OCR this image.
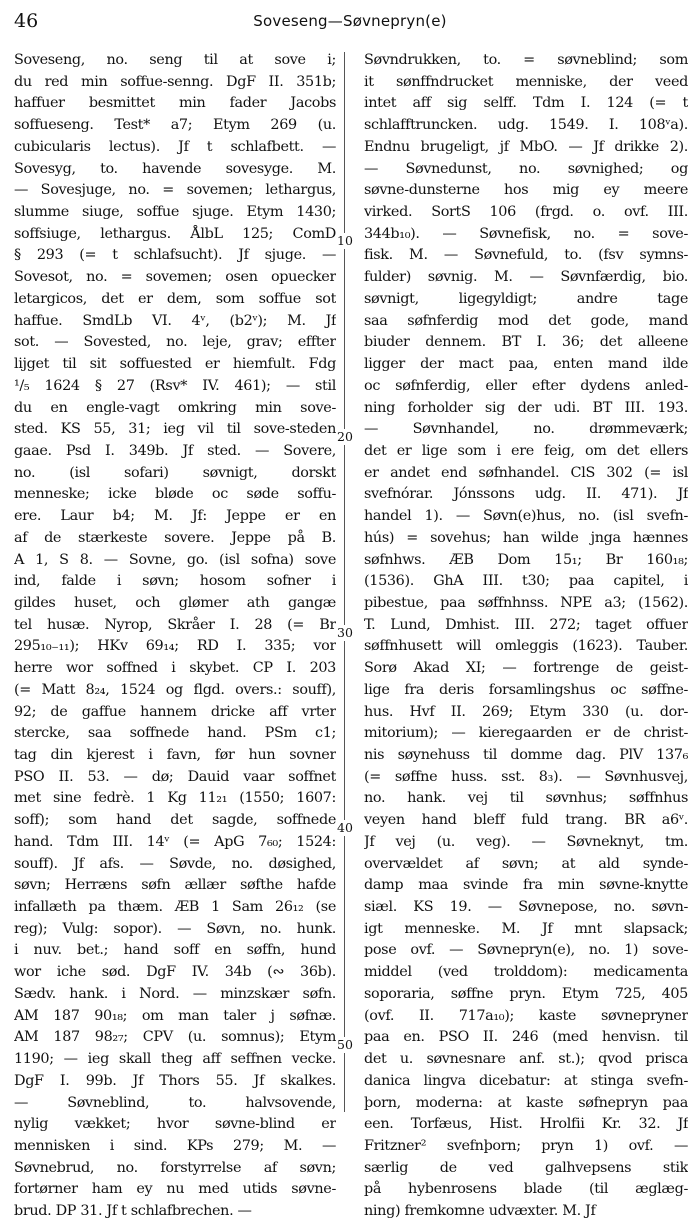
46	Soveseng—Søvnepryn(e)
Soveseng, no. seng til at sove i;
du red min soffue-senng. DgF II. 351b;
haffuer besmittet min fader Jacobs
soffueseng. Test* a7; Etym 269 (u.
cubicularis lectus). Jf t schlafbett. —
Sovesyg, to. havende sovesyge. M.
— Sovesjuge, no. = sovemen; lethargus,
slumme siuge, soffue sjuge. Etym 1430;
soffsiuge, lethargus. ÅlbL 125; ComD
§ 293 (= t schlafsucht). Jf sjuge. —
Sovesot, no. = sovemen; osen opuecker
letargicos, det er dem, som soffue sot
haffue. SmdLb VI. 4ᵛ, (b2ᵛ); M. Jf
sot. — Sovested, no. leje, grav; effter
lijget til sit soffuested er hiemfult. Fdg
¹/₅ 1624 § 27 (Rsv* IV. 461); — stil
du en engle-vagt omkring min sove-
sted. KS 55, 31; ieg vil til sove-steden
gaae. Psd I. 349b. Jf sted. — Sovere,
no. (isl sofari) søvnigt, dorskt
menneske; icke bløde oc søde soffu-
ere. Laur b4; M. Jf: Jeppe er en
af de stærkeste sovere. Jeppe på B.
A 1, S 8. — Sovne, go. (isl sofna) sove
ind, falde i søvn; hosom sofner i
gildes huset, och glømer ath gangæ
tel husæ. Nyrop, Skråer I. 28 (= Br
295₁₀₋₁₁); HKv 69₁₄; RD I. 335; vor
herre wor soffned i skybet. CP I. 203
(= Matt 8₂₄, 1524 og flgd. overs.: souff),
92; de gaffue hannem dricke aff vrter
stercke, saa soffnede hand. PSm c1;
tag din kjerest i favn, før hun sovner
PSO II. 53. — dø; Dauid vaar soffnet
met sine fedrè. 1 Kg 11₂₁ (1550; 1607:
soff); som hand det sagde, soffnede
hand. Tdm III. 14ᵛ (= ApG 7₆₀; 1524:
souff). Jf afs. — Søvde, no. døsighed,
søvn; Herræns søfn ællær søfthe hafde
infallæth pa thæm. ÆB 1 Sam 26₁₂ (se
reg); Vulg: sopor). — Søvn, no. hunk.
i nuv. bet.; hand soff en søffn, hund
wor iche sød. DgF IV. 34b (∾ 36b).
Sædv. hank. i Nord. — minzskær søfn.
AM 187 90₁₈; om man taler j søfnæ.
AM 187 98₂₇; CPV (u. somnus); Etym
1190; — ieg skall theg aff seffnen vecke.
DgF I. 99b. Jf Thors 55. Jf skalkes.
— Søvneblind, to. halvsovende,
nylig vækket; hvor søvne-blind er
mennisken i sind. KPs 279; M. —
Søvnebrud, no. forstyrrelse af søvn;
fortørner ham ey nu med utids søvne-
brud. DP 31. Jf t schlafbrechen. —
Søvndrukken, to. = søvneblind; som
it sønffndrucket menniske, der veed
intet aff sig selff. Tdm I. 124 (= t
schlafftruncken. udg. 1549. I. 108ᵛa).
Endnu brugeligt, jf MbO. — Jf drikke 2).
— Søvnedunst, no. søvnighed; og
søvne-dunsterne hos mig ey meere
virked. SortS 106 (frgd. o. ovf. III.
344b₁₀). — Søvnefisk, no. = sove-
fisk. M. — Søvnefuld, to. (fsv symns-
fulder) søvnig. M. — Søvnfærdig, bio.
søvnigt, ligegyldigt; andre tage
saa søfnferdig mod det gode, mand
biuder dennem. BT I. 36; det alleene
ligger der mact paa, enten mand ilde
oc søfnferdig, eller efter dydens anled-
ning forholder sig der udi. BT III. 193.
— Søvnhandel, no. drømmeværk;
det er lige som i ere feig, om det ellers
er andet end søfnhandel. ClS 302 (= isl
svefnórar. Jónssons udg. II. 471). Jf
handel 1). — Søvn(e)hus, no. (isl svefn-
hús) = sovehus; han wilde jnga hænnes
søfnhws. ÆB Dom 15₁; Br 160₁₈;
(1536). GhA III. t30; paa capitel, i
pibestue, paa søffnhnss. NPE a3; (1562).
T. Lund, Dmhist. III. 272; taget offuer
søffnhusett will omleggis (1623). Tauber.
Sorø Akad XI; — fortrenge de geist-
lige fra deris forsamlingshus oc søffne-
hus. Hvf II. 269; Etym 330 (u. dor-
mitorium); — kieregaarden er de christ-
nis søynehuss til domme dag. PlV 137₆
(= søffne huss. sst. 8₃). — Søvnhusvej,
no. hank. vej til søvnhus; søffnhus
veyen hand bleff fuld trang. BR a6ᵛ.
Jf vej (u. veg). — Søvneknyt, tm.
overvældet af søvn; at ald synde-
damp maa svinde fra min søvne-knytte
siæl. KS 19. — Søvnepose, no. søvn-
igt menneske. M. Jf mnt slapsack;
pose ovf. — Søvnepryn(e), no. 1) sove-
middel (ved trolddom): medicamenta
soporaria, søffne pryn. Etym 725, 405
(ovf. II. 717a₁₀); kaste søvnepryner
paa en. PSO II. 246 (med henvisn. til
det u. søvnesnare anf. st.); qvod prisca
danica lingva dicebatur: at stinga svefn-
þorn, moderna: at kaste søfnepryn paa
een. Torfæus, Hist. Hrolfii Kr. 32. Jf
Fritzner² svefnþorn; pryn 1) ovf. —
særlig de ved galhvepsens stik
på hybenrosens blade (til æglæg-
ning) fremkomne udvæxter. M. Jf
10
20
30
40
50
